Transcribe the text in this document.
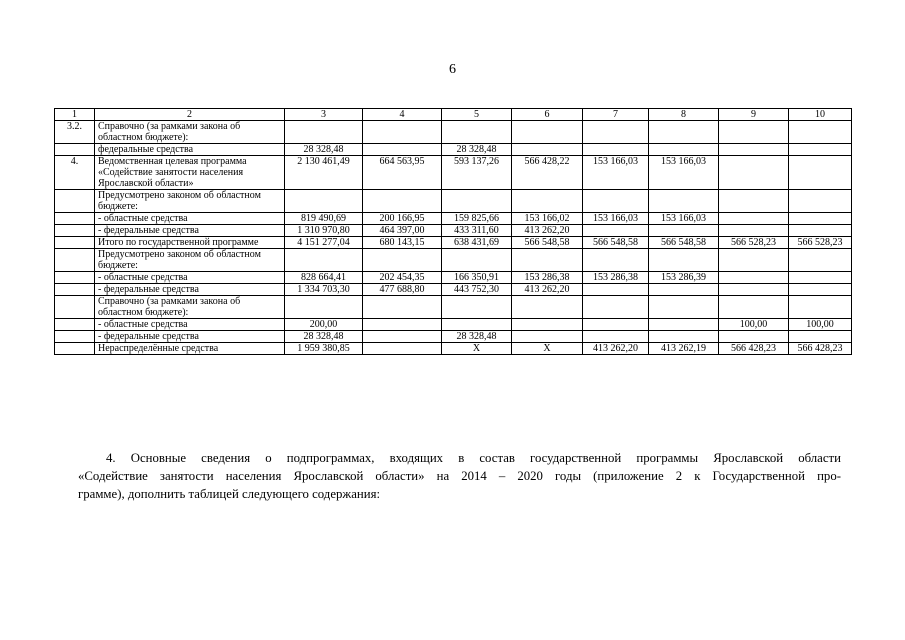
6
1	2	3	4	5	6	7	8	9	10
3.2.	Справочно (за рамками закона об областном бюджете):								
	федеральные средства	28 328,48		28 328,48					
4.	Ведомственная целевая программа «Содействие занятости населения Ярославской области»	2 130 461,49	664 563,95	593 137,26	566 428,22	153 166,03	153 166,03		
	Предусмотрено законом об областном бюджете:								
	- областные средства	819 490,69	200 166,95	159 825,66	153 166,02	153 166,03	153 166,03		
	- федеральные средства	1 310 970,80	464 397,00	433 311,60	413 262,20				
	Итого по государственной программе	4 151 277,04	680 143,15	638 431,69	566 548,58	566 548,58	566 548,58	566 528,23	566 528,23
	Предусмотрено законом об областном бюджете:								
	- областные средства	828 664,41	202 454,35	166 350,91	153 286,38	153 286,38	153 286,39		
	- федеральные средства	1 334 703,30	477 688,80	443 752,30	413 262,20				
	Справочно (за рамками закона об областном бюджете):								
	- областные средства	200,00						100,00	100,00
	- федеральные средства	28 328,48		28 328,48					
	Нераспределённые средства	1 959 380,85		Х	Х	413 262,20	413 262,19	566 428,23	566 428,23
4. Основные сведения о подпрограммах, входящих в состав государственной программы Ярославской области
«Содействие занятости населения Ярославской области» на 2014 – 2020 годы (приложение 2 к Государственной про-
грамме), дополнить таблицей следующего содержания:
